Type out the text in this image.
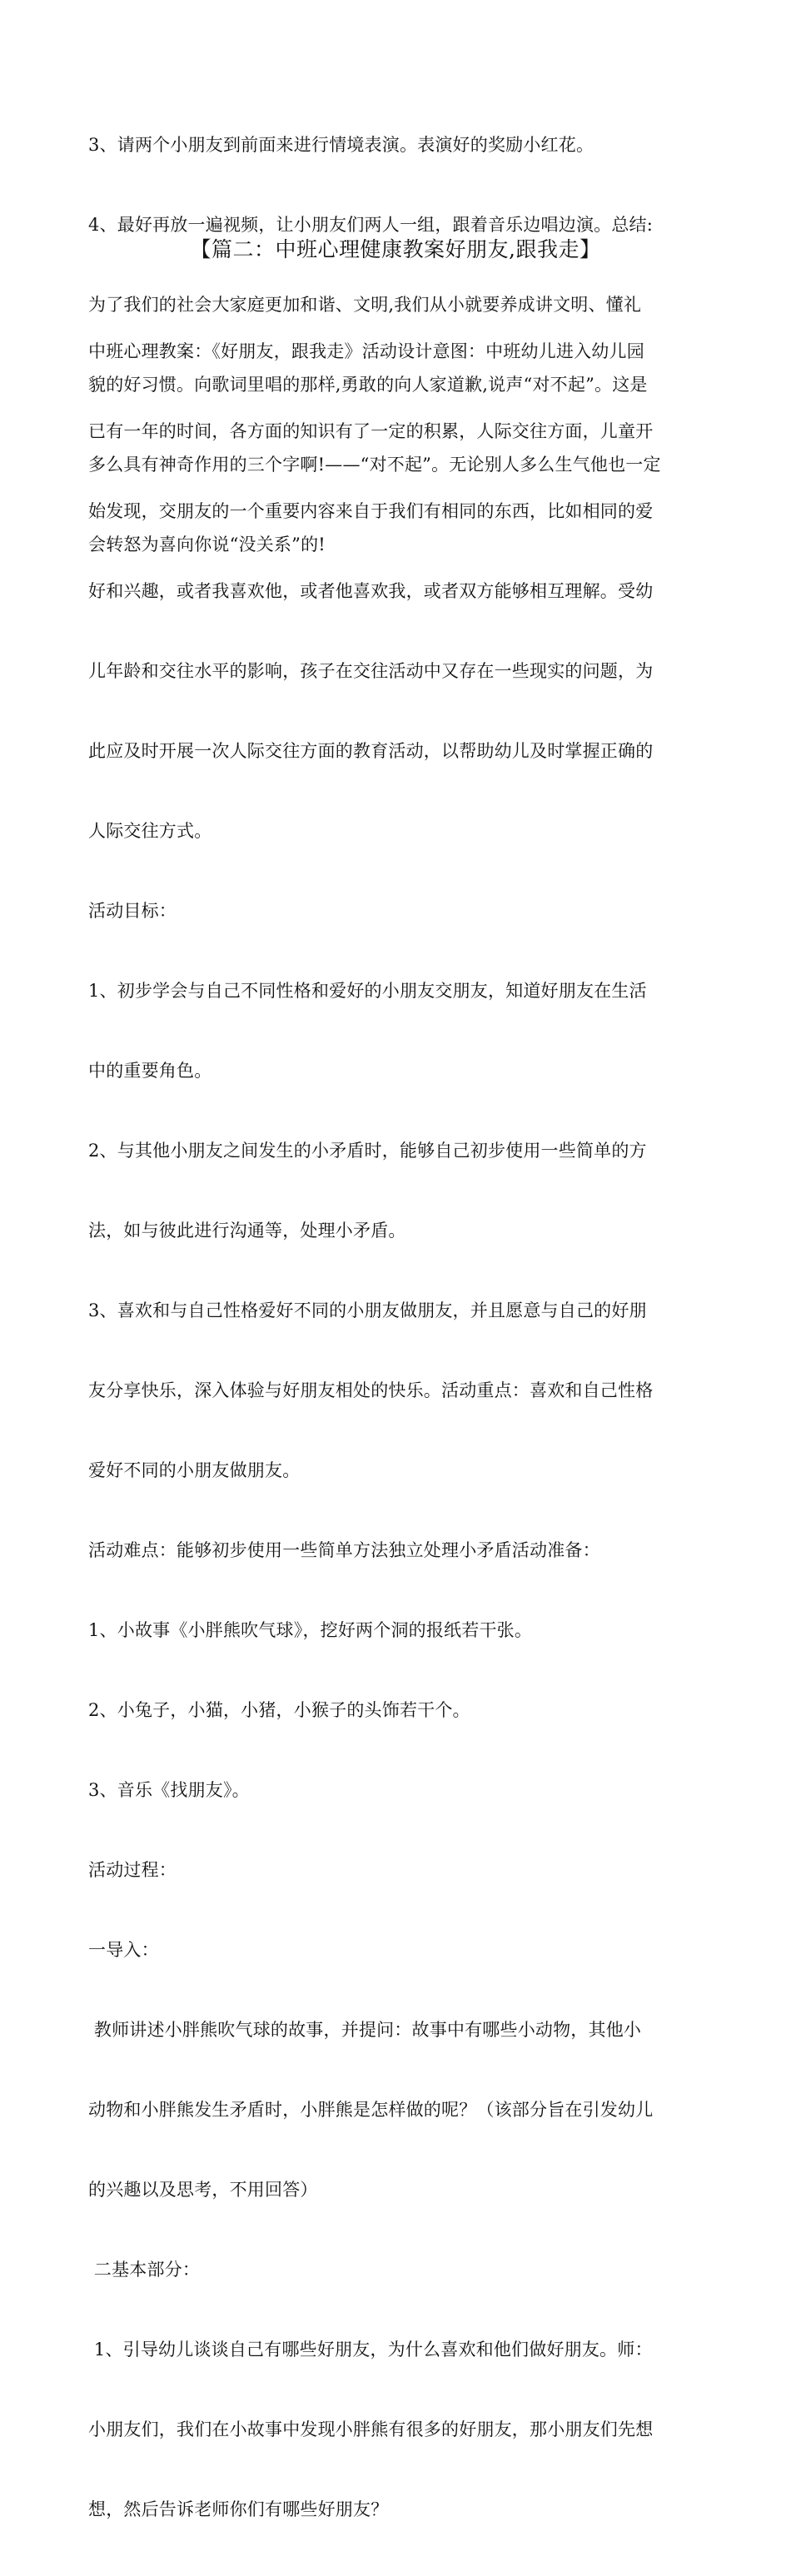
3、请两个小朋友到前面来进行情境表演。表演好的奖励小红花。

4、最好再放一遍视频，让小朋友们两人一组，跟着音乐边唱边演。总结:

为了我们的社会大家庭更加和谐、文明,我们从小就要养成讲文明、懂礼

貌的好习惯。向歌词里唱的那样,勇敢的向人家道歉,说声“对不起”。这是

多么具有神奇作用的三个字啊!——“对不起”。无论别人多么生气他也一定

会转怒为喜向你说“没关系”的!

【篇二：中班心理健康教案好朋友,跟我走】

中班心理教案：《好朋友，跟我走》活动设计意图：中班幼儿进入幼儿园

已有一年的时间，各方面的知识有了一定的积累，人际交往方面，儿童开

始发现，交朋友的一个重要内容来自于我们有相同的东西，比如相同的爱

好和兴趣，或者我喜欢他，或者他喜欢我，或者双方能够相互理解。受幼

儿年龄和交往水平的影响，孩子在交往活动中又存在一些现实的问题，为

此应及时开展一次人际交往方面的教育活动，以帮助幼儿及时掌握正确的

人际交往方式。

活动目标：

1、初步学会与自己不同性格和爱好的小朋友交朋友，知道好朋友在生活

中的重要角色。

2、与其他小朋友之间发生的小矛盾时，能够自己初步使用一些简单的方

法，如与彼此进行沟通等，处理小矛盾。

3、喜欢和与自己性格爱好不同的小朋友做朋友，并且愿意与自己的好朋

友分享快乐，深入体验与好朋友相处的快乐。活动重点：喜欢和自己性格

爱好不同的小朋友做朋友。

活动难点：能够初步使用一些简单方法独立处理小矛盾活动准备：

1、小故事《小胖熊吹气球》，挖好两个洞的报纸若干张。

2、小兔子，小猫，小猪，小猴子的头饰若干个。

3、音乐《找朋友》。

活动过程：

一导入：

教师讲述小胖熊吹气球的故事，并提问：故事中有哪些小动物，其他小

动物和小胖熊发生矛盾时，小胖熊是怎样做的呢？（该部分旨在引发幼儿

的兴趣以及思考，不用回答）

二基本部分：

1、引导幼儿谈谈自己有哪些好朋友，为什么喜欢和他们做好朋友。师：

小朋友们，我们在小故事中发现小胖熊有很多的好朋友，那小朋友们先想

想，然后告诉老师你们有哪些好朋友？
